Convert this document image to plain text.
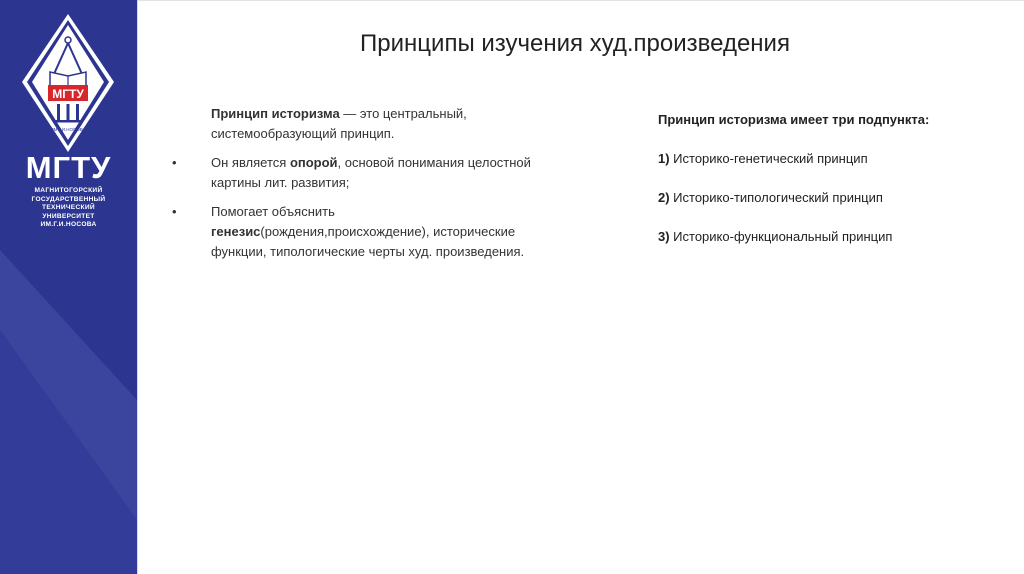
МГТУ
ИМ.Г.И.НОСОВА
МГТУ
МАГНИТОГОРСКИЙ
ГОСУДАРСТВЕННЫЙ
ТЕХНИЧЕСКИЙ
УНИВЕРСИТЕТ
ИМ.Г.И.НОСОВА
Принципы изучения худ.произведения
Принцип историзма — это центральный, системообразующий принцип.
•	Он является опорой, основой понимания целостной картины лит. развития;
•	Помогает объяснить
генезис(рождения,происхождение), исторические функции, типологические черты худ. произведения.

Принцип историзма имеет три подпункта:

1) Историко-генетический принцип

2) Историко-типологический принцип

3) Историко-функциональный принцип
